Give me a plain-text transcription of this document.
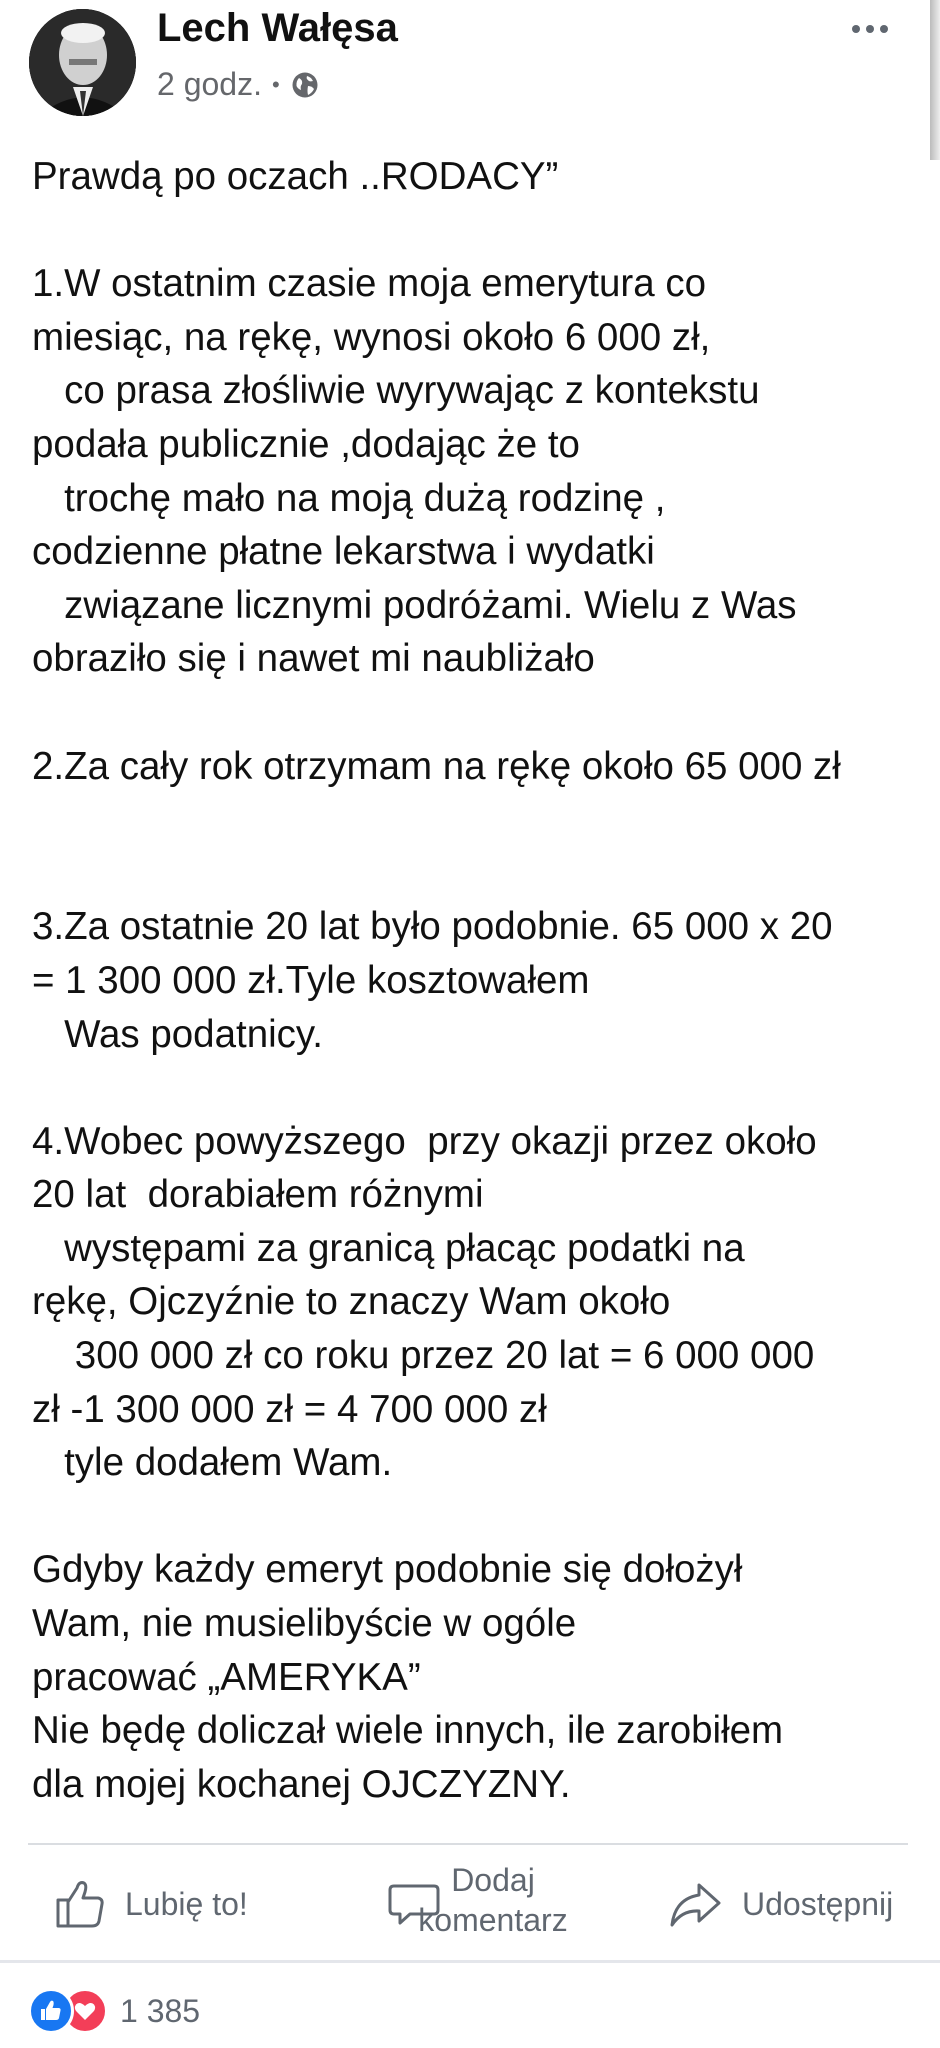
Lech Wałęsa
2 godz. •
Prawdą po oczach ..RODACY”
1.W ostatnim czasie moja emerytura co
miesiąc, na rękę, wynosi około 6 000 zł,
co prasa złośliwie wyrywając z kontekstu
podała publicznie ,dodając że to
trochę mało na moją dużą rodzinę ,
codzienne płatne lekarstwa i wydatki
związane licznymi podróżami. Wielu z Was
obraziło się i nawet mi naubliżało
2.Za cały rok otrzymam na rękę około 65 000 zł
3.Za ostatnie 20 lat było podobnie. 65 000 x 20
= 1 300 000 zł.Tyle kosztowałem
Was podatnicy.
4.Wobec powyższego  przy okazji przez około
20 lat  dorabiałem różnymi
występami za granicą płacąc podatki na
rękę, Ojczyźnie to znaczy Wam około
300 000 zł co roku przez 20 lat = 6 000 000
zł -1 300 000 zł = 4 700 000 zł
tyle dodałem Wam.
Gdyby każdy emeryt podobnie się dołożył
Wam, nie musielibyście w ogóle
pracować „AMERYKA”
Nie będę doliczał wiele innych, ile zarobiłem
dla mojej kochanej OJCZYZNY.
Lubię to!
Dodaj
komentarz	Udostępnij
1 385
